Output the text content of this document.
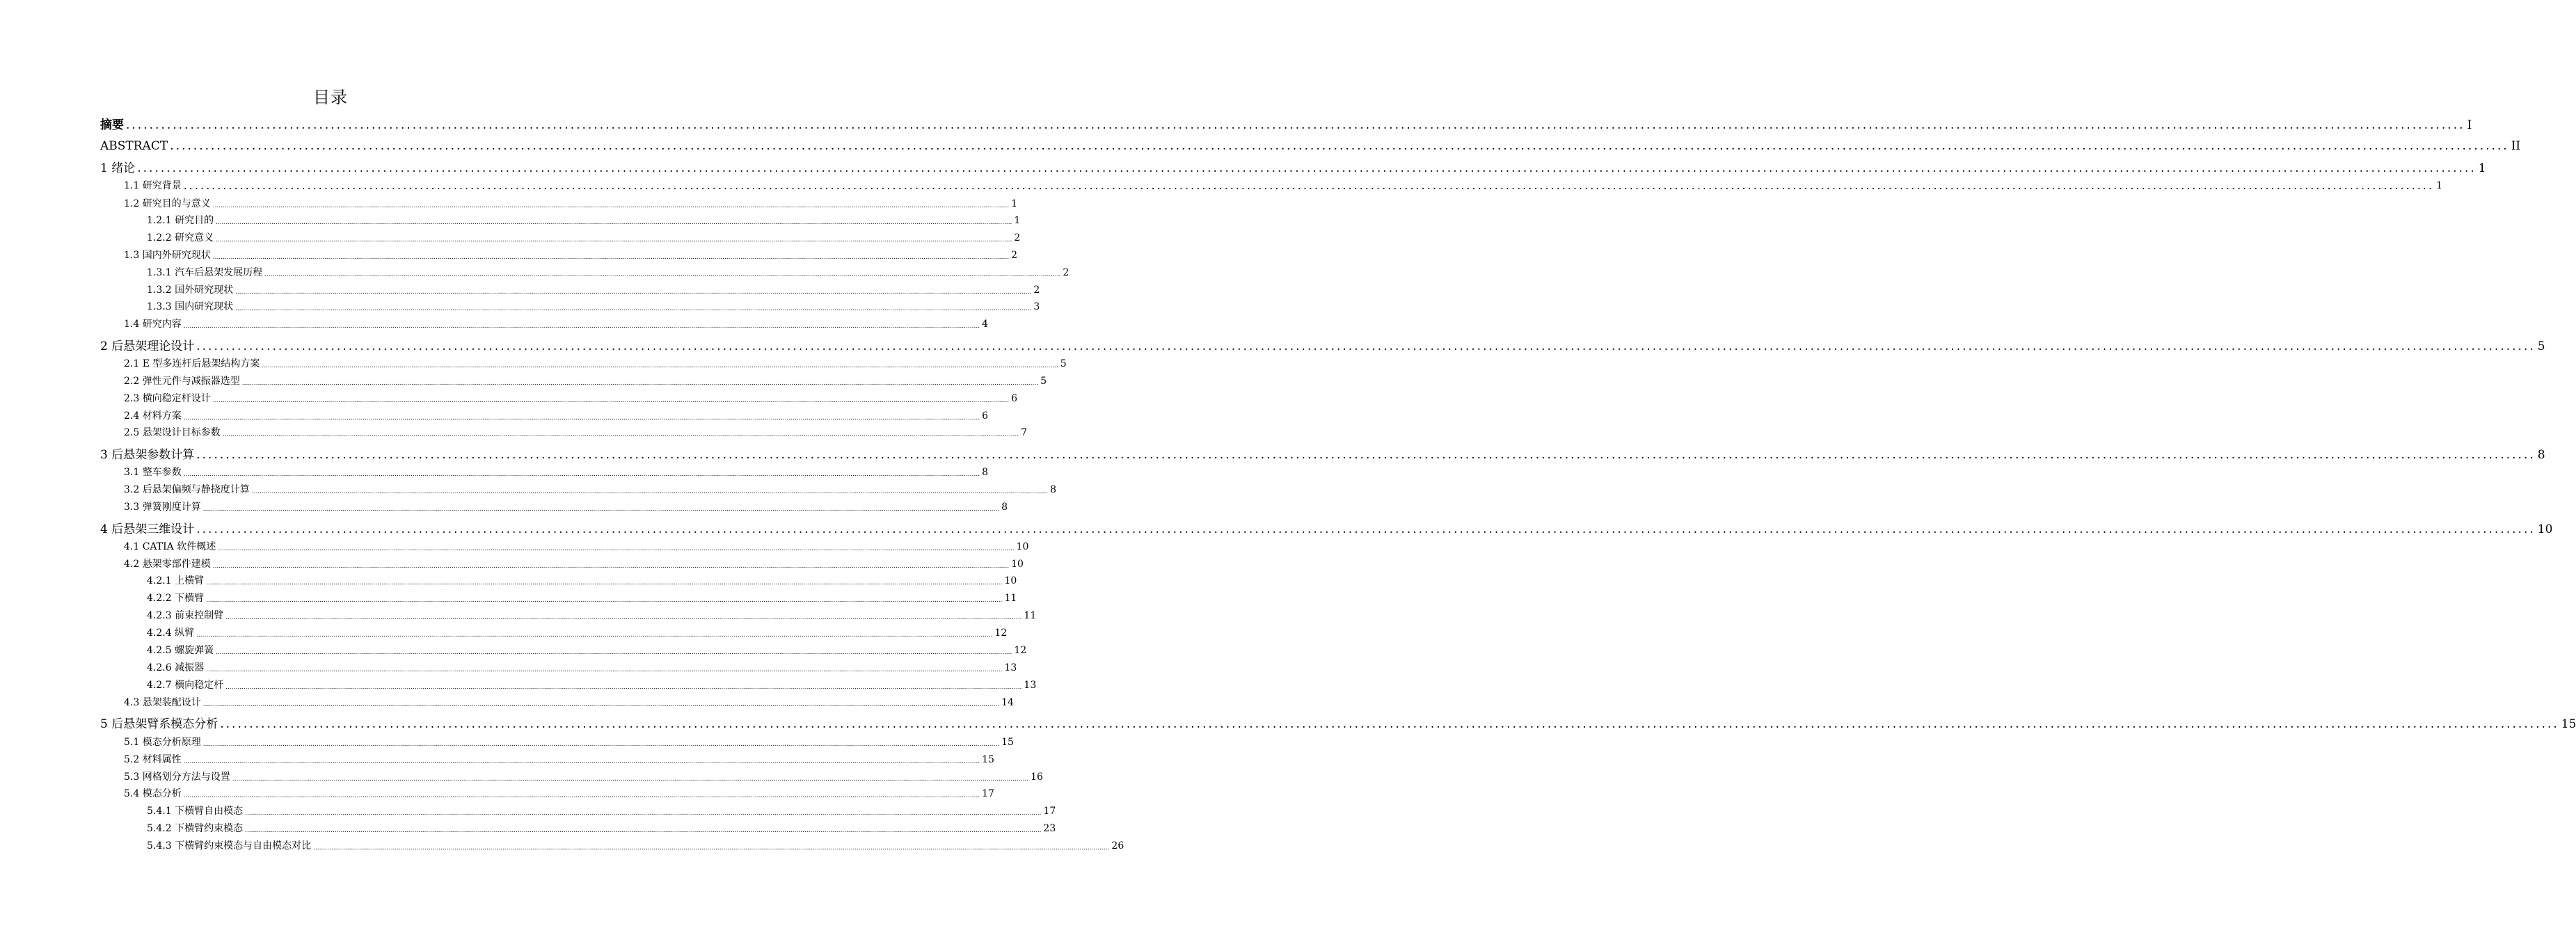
目录
摘要 ................................................................................................................................................................................................................................................................................................................................................................................................................ I
ABSTRACT ................................................................................................................................................................................................................................................................................................................................................................................................................ II
1 绪论 ................................................................................................................................................................................................................................................................................................................................................................................................................ 1
1.1 研究背景 ................................................................................................................................................................................................................................................................................................................................................................................................................ 1
1.2 研究目的与意义 ................................................................................................................................................................................................................................................................................................................................................................................................................ 1
1.2.1 研究目的 ................................................................................................................................................................................................................................................................................................................................................................................................................ 1
1.2.2 研究意义 ................................................................................................................................................................................................................................................................................................................................................................................................................ 2
1.3 国内外研究现状 ................................................................................................................................................................................................................................................................................................................................................................................................................ 2
1.3.1 汽车后悬架发展历程 ................................................................................................................................................................................................................................................................................................................................................................................................................ 2
1.3.2 国外研究现状 ................................................................................................................................................................................................................................................................................................................................................................................................................ 2
1.3.3 国内研究现状 ................................................................................................................................................................................................................................................................................................................................................................................................................ 3
1.4 研究内容 ................................................................................................................................................................................................................................................................................................................................................................................................................ 4
2 后悬架理论设计 ................................................................................................................................................................................................................................................................................................................................................................................................................ 5
2.1 E 型多连杆后悬架结构方案 ................................................................................................................................................................................................................................................................................................................................................................................................................ 5
2.2 弹性元件与减振器选型 ................................................................................................................................................................................................................................................................................................................................................................................................................ 5
2.3 横向稳定杆设计 ................................................................................................................................................................................................................................................................................................................................................................................................................ 6
2.4 材料方案 ................................................................................................................................................................................................................................................................................................................................................................................................................ 6
2.5 悬架设计目标参数 ................................................................................................................................................................................................................................................................................................................................................................................................................ 7
3 后悬架参数计算 ................................................................................................................................................................................................................................................................................................................................................................................................................ 8
3.1 整车参数 ................................................................................................................................................................................................................................................................................................................................................................................................................ 8
3.2 后悬架偏频与静挠度计算 ................................................................................................................................................................................................................................................................................................................................................................................................................ 8
3.3 弹簧刚度计算 ................................................................................................................................................................................................................................................................................................................................................................................................................ 8
4 后悬架三维设计 ................................................................................................................................................................................................................................................................................................................................................................................................................ 10
4.1 CATIA 软件概述 ................................................................................................................................................................................................................................................................................................................................................................................................................ 10
4.2 悬架零部件建模 ................................................................................................................................................................................................................................................................................................................................................................................................................ 10
4.2.1 上横臂 ................................................................................................................................................................................................................................................................................................................................................................................................................ 10
4.2.2 下横臂 ................................................................................................................................................................................................................................................................................................................................................................................................................ 11
4.2.3 前束控制臂 ................................................................................................................................................................................................................................................................................................................................................................................................................ 11
4.2.4 纵臂 ................................................................................................................................................................................................................................................................................................................................................................................................................ 12
4.2.5 螺旋弹簧 ................................................................................................................................................................................................................................................................................................................................................................................................................ 12
4.2.6 减振器 ................................................................................................................................................................................................................................................................................................................................................................................................................ 13
4.2.7 横向稳定杆 ................................................................................................................................................................................................................................................................................................................................................................................................................ 13
4.3 悬架装配设计 ................................................................................................................................................................................................................................................................................................................................................................................................................ 14
5 后悬架臂系模态分析 ................................................................................................................................................................................................................................................................................................................................................................................................................ 15
5.1 模态分析原理 ................................................................................................................................................................................................................................................................................................................................................................................................................ 15
5.2 材料属性 ................................................................................................................................................................................................................................................................................................................................................................................................................ 15
5.3 网格划分方法与设置 ................................................................................................................................................................................................................................................................................................................................................................................................................ 16
5.4 模态分析 ................................................................................................................................................................................................................................................................................................................................................................................................................ 17
5.4.1 下横臂自由模态 ................................................................................................................................................................................................................................................................................................................................................................................................................ 17
5.4.2 下横臂约束模态 ................................................................................................................................................................................................................................................................................................................................................................................................................ 23
5.4.3 下横臂约束模态与自由模态对比 ................................................................................................................................................................................................................................................................................................................................................................................................................ 26
